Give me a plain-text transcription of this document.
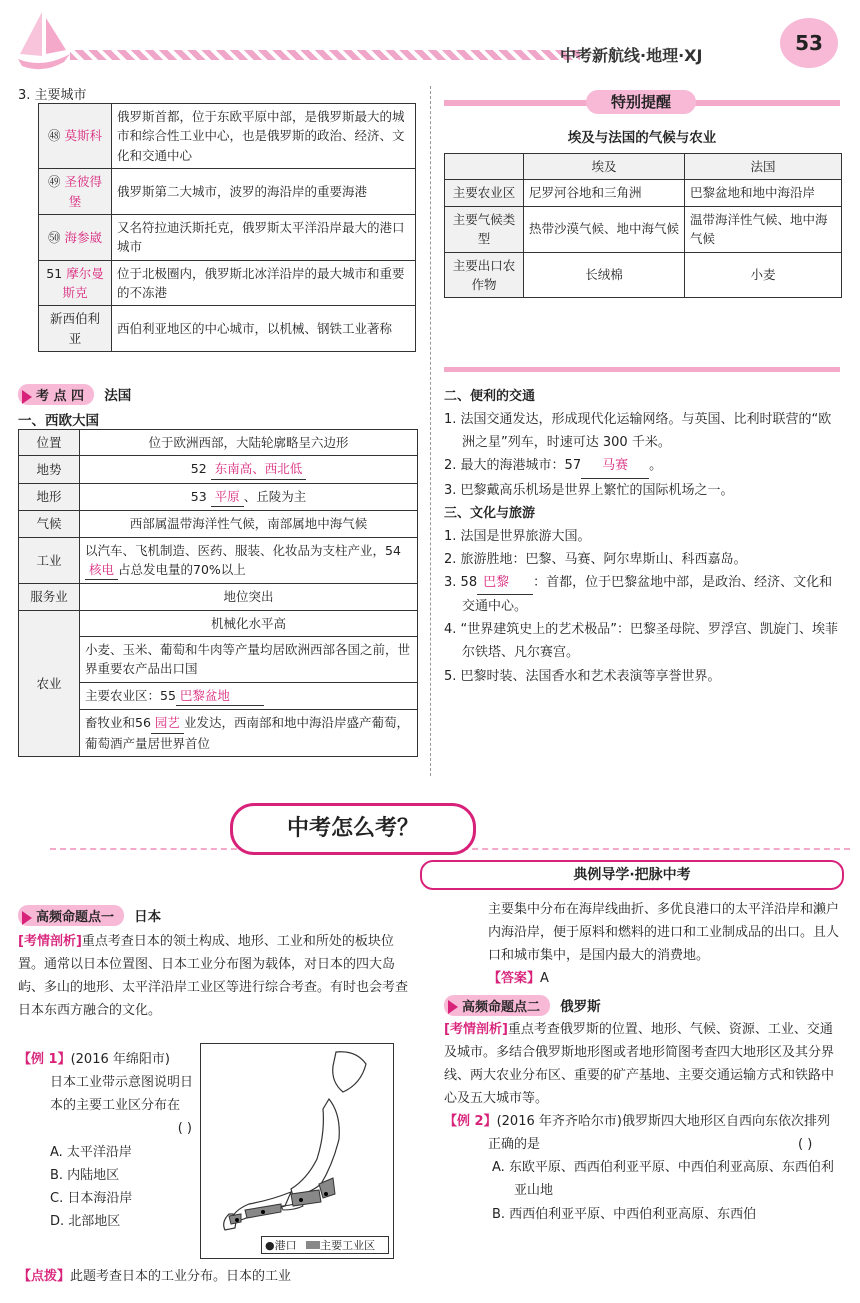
中考新航线·地理·XJ
53
3. 主要城市
㊽ 莫斯科	俄罗斯首都，位于东欧平原中部，是俄罗斯最大的城市和综合性工业中心，也是俄罗斯的政治、经济、文化和交通中心
㊾ 圣彼得堡	俄罗斯第二大城市，波罗的海沿岸的重要海港
㊿ 海参崴	又名符拉迪沃斯托克，俄罗斯太平洋沿岸最大的港口城市
51 摩尔曼斯克	位于北极圈内，俄罗斯北冰洋沿岸的最大城市和重要的不冻港
新西伯利亚	西伯利亚地区的中心城市，以机械、钢铁工业著称
考 点 四 法国
一、西欧大国
位置	位于欧洲西部，大陆轮廓略呈六边形
地势	52 东南高、西北低
地形	53 平原 、丘陵为主
气候	西部属温带海洋性气候，南部属地中海气候
工业	以汽车、飞机制造、医药、服装、化妆品为支柱产业，54核电 占总发电量的70%以上
服务业	地位突出
农业	机械化水平高
	小麦、玉米、葡萄和牛肉等产量均居欧洲西部各国之前，世界重要农产品出口国
	主要农业区：55 巴黎盆地
	畜牧业和56 园艺 业发达，西南部和地中海沿岸盛产葡萄，葡萄酒产量居世界首位
特别提醒
埃及与法国的气候与农业
	埃及	法国
主要农业区	尼罗河谷地和三角洲	巴黎盆地和地中海沿岸
主要气候类型	热带沙漠气候、地中海气候	温带海洋性气候、地中海气候
主要出口农作物	长绒棉	小麦

二、便利的交通

1. 法国交通发达，形成现代化运输网络。与英国、比利时联营的“欧洲之星”列车，时速可达 300 千米。

2. 最大的海港城市：57 马赛 。

3. 巴黎戴高乐机场是世界上繁忙的国际机场之一。

三、文化与旅游

1. 法国是世界旅游大国。

2. 旅游胜地：巴黎、马赛、阿尔卑斯山、科西嘉岛。

3. 58 巴黎 ：首都，位于巴黎盆地中部，是政治、经济、文化和交通中心。

4. “世界建筑史上的艺术极品”：巴黎圣母院、罗浮宫、凯旋门、埃菲尔铁塔、凡尔赛宫。

5. 巴黎时装、法国香水和艺术表演等享誉世界。

典例导学·把脉中考
中考怎么考？
高频命题点一 日本

[考情剖析]重点考查日本的领土构成、地形、工业和所处的板块位置。通常以日本位置图、日本工业分布图为载体，对日本的四大岛屿、多山的地形、太平洋沿岸工业区等进行综合考查。有时也会考查日本东西方融合的文化。

【例 1】(2016 年绵阳市)

日本工业带示意图说明日本的主要工业区分布在

( )

A. 太平洋沿岸

B. 内陆地区

C. 日本海沿岸

D. 北部地区

●港口 主要工业区

【点拨】此题考查日本的工业分布。日本的工业

主要集中分布在海岸线曲折、多优良港口的太平洋沿岸和濑户内海沿岸，便于原料和燃料的进口和工业制成品的出口。且人口和城市集中，是国内最大的消费地。

【答案】A

高频命题点二 俄罗斯

[考情剖析]重点考查俄罗斯的位置、地形、气候、资源、工业、交通及城市。多结合俄罗斯地形图或者地形简图考查四大地形区及其分界线、两大农业分布区、重要的矿产基地、主要交通运输方式和铁路中心及五大城市等。

【例 2】(2016 年齐齐哈尔市)俄罗斯四大地形区自西向东依次排列正确的是	( )

A. 东欧平原、西西伯利亚平原、中西伯利亚高原、东西伯利亚山地

B. 西西伯利亚平原、中西伯利亚高原、东西伯
